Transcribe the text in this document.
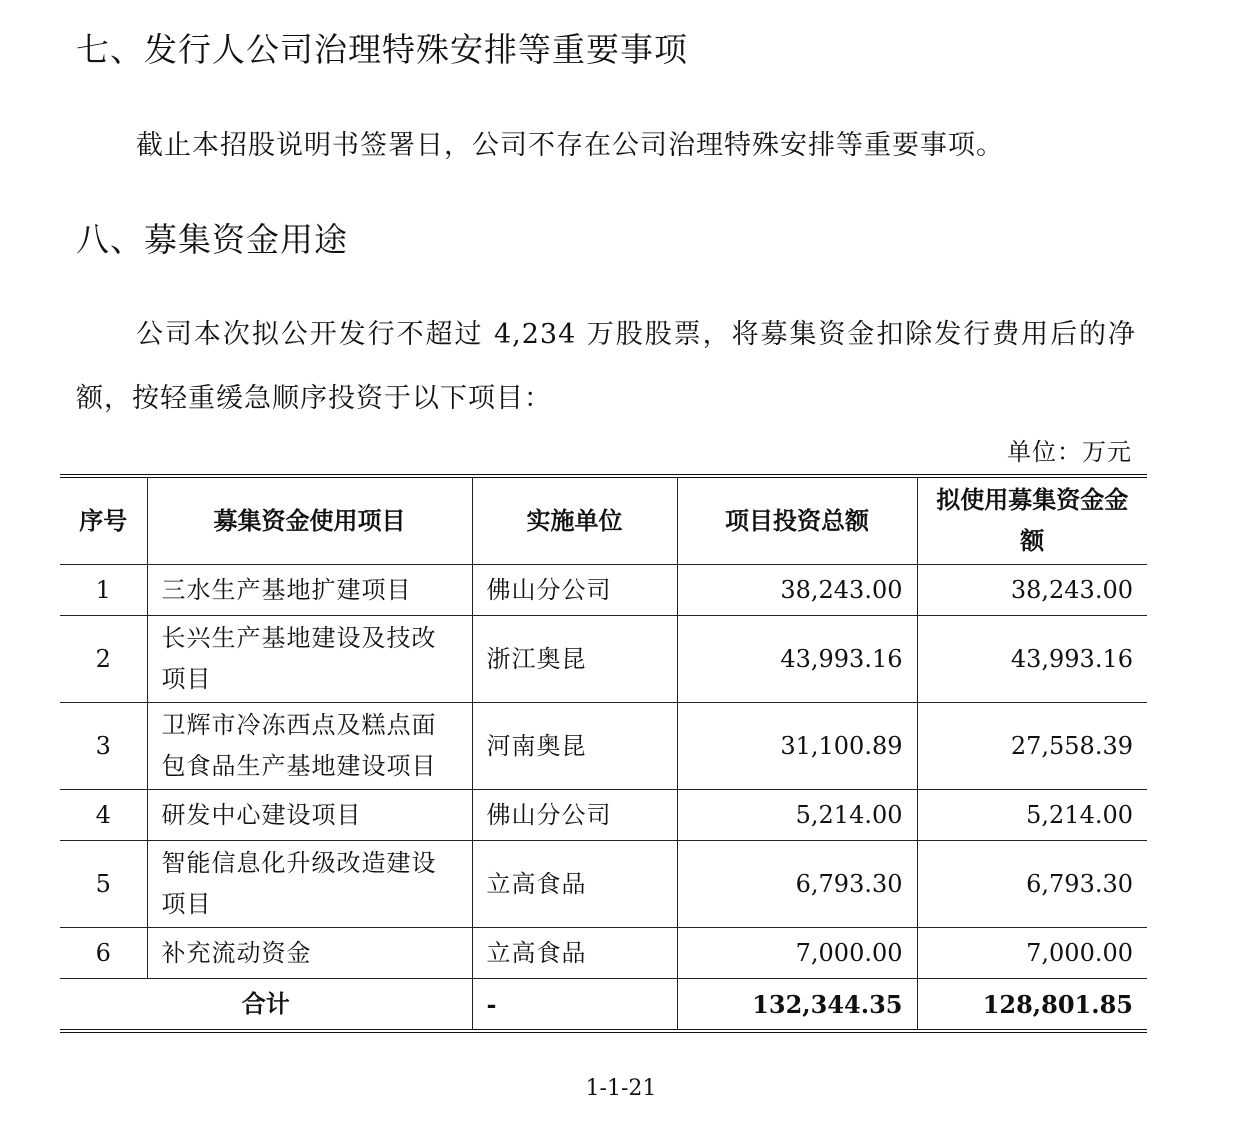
七、发行人公司治理特殊安排等重要事项

截止本招股说明书签署日，公司不存在公司治理特殊安排等重要事项。

八、募集资金用途

公司本次拟公开发行不超过 4,234 万股股票，将募集资金扣除发行费用后的净额，按轻重缓急顺序投资于以下项目：

单位：万元
序号	募集资金使用项目	实施单位	项目投资总额	拟使用募集资金金额
1	三水生产基地扩建项目	佛山分公司	38,243.00	38,243.00
2	长兴生产基地建设及技改项目	浙江奥昆	43,993.16	43,993.16
3	卫辉市冷冻西点及糕点面包食品生产基地建设项目	河南奥昆	31,100.89	27,558.39
4	研发中心建设项目	佛山分公司	5,214.00	5,214.00
5	智能信息化升级改造建设项目	立高食品	6,793.30	6,793.30
6	补充流动资金	立高食品	7,000.00	7,000.00
合计		-	132,344.35	128,801.85
1-1-21
